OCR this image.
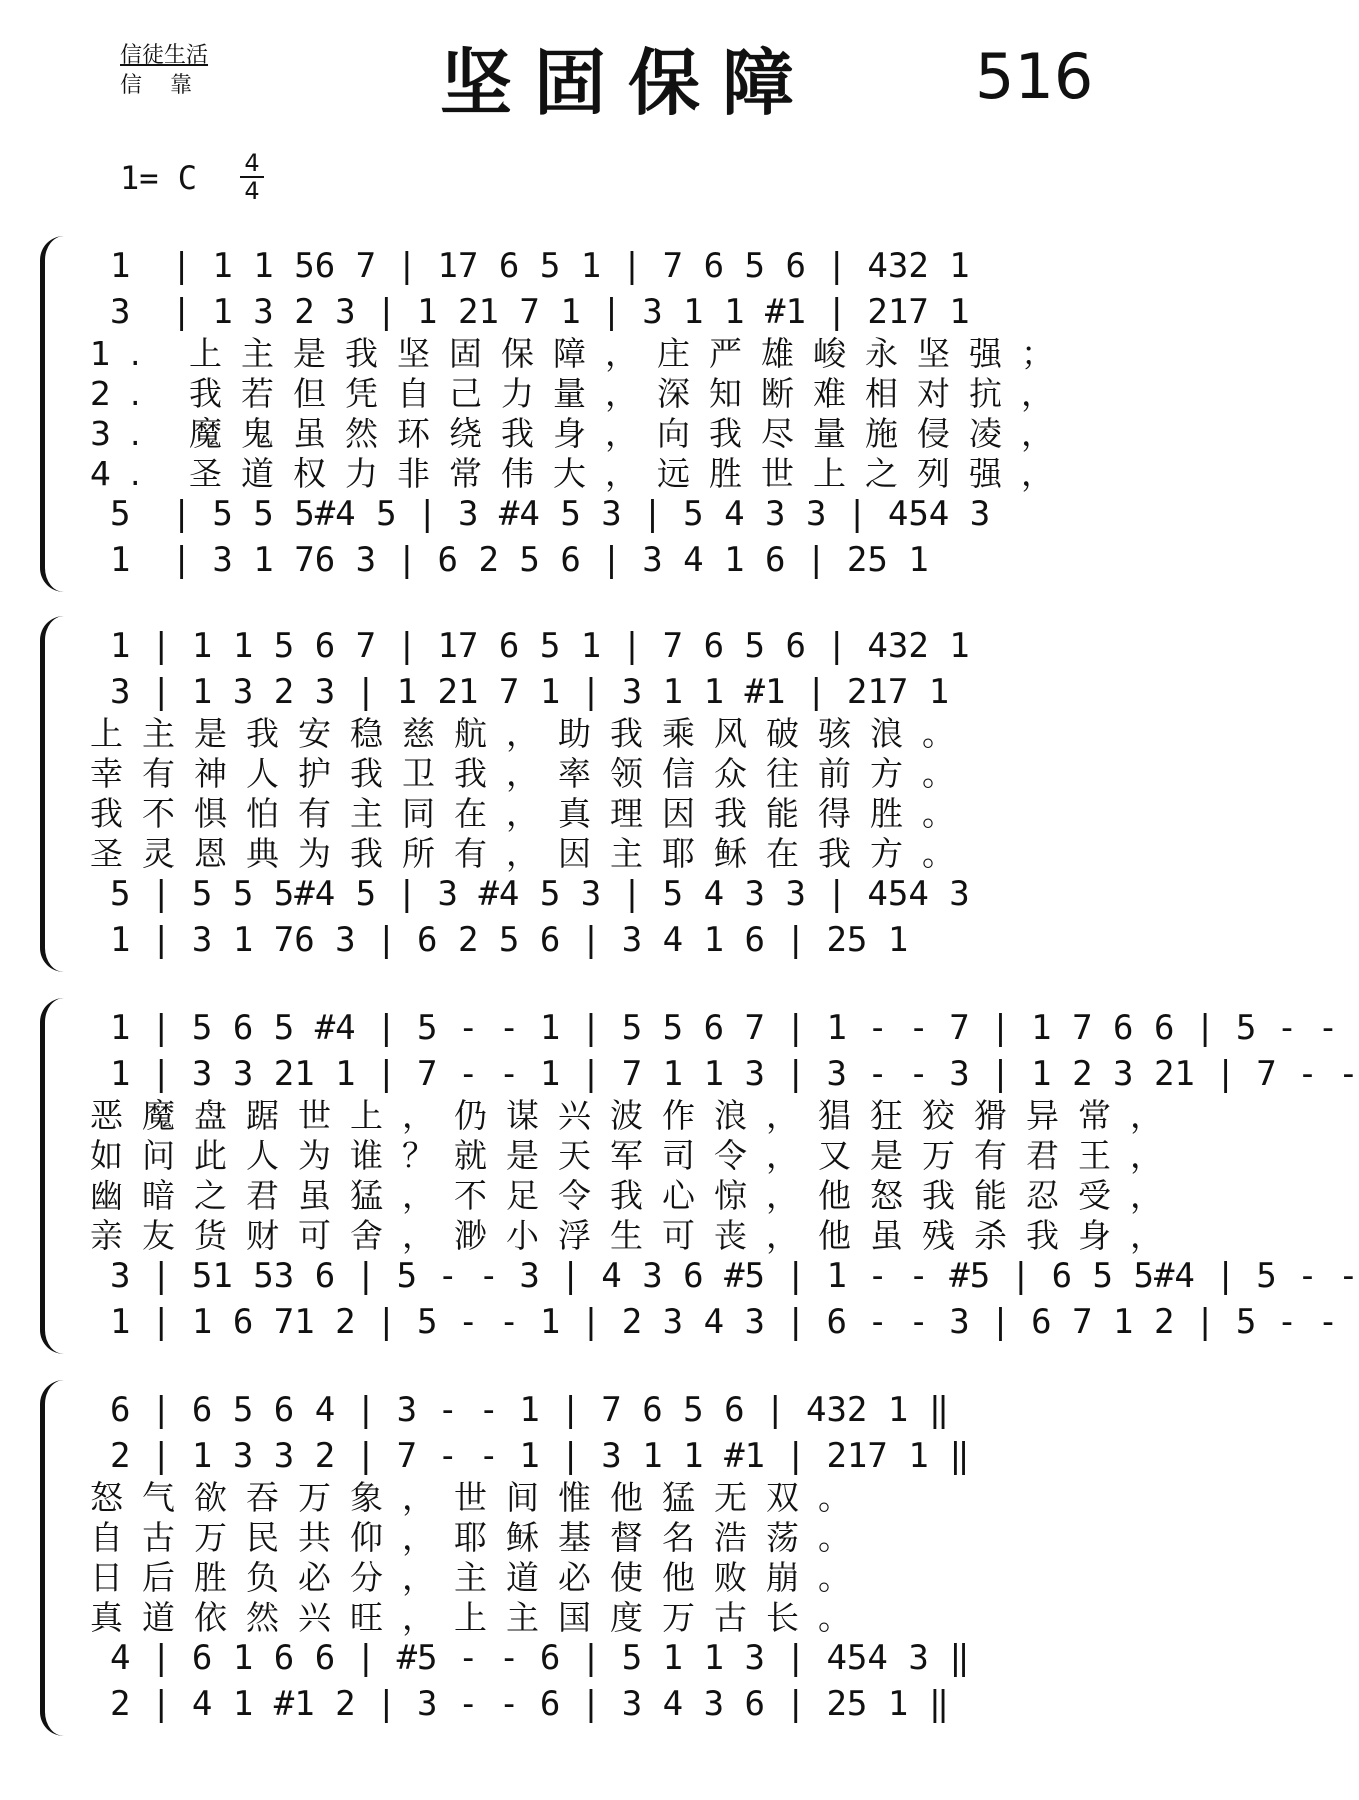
信徒生活
信    靠	坚固保障	516
1= C $\frac{4}{4}$
1  | 1 1 56 7 | 17 6 5 1 | 7 6 5 6 | 432 1
3  | 1 3 2 3 | 1 21 7 1 | 3 1 1 #1 | 217 1
1. 上主是我坚固保障，庄严雄峻永坚强；
2. 我若但凭自己力量，深知断难相对抗，
3. 魔鬼虽然环绕我身，向我尽量施侵凌，
4. 圣道权力非常伟大，远胜世上之列强，
5  | 5 5 5#4 5 | 3 #4 5 3 | 5 4 3 3 | 454 3
1  | 3 1 76 3 | 6 2 5 6 | 3 4 1 6 | 25 1
1 | 1 1 5 6 7 | 17 6 5 1 | 7 6 5 6 | 432 1
3 | 1 3 2 3 | 1 21 7 1 | 3 1 1 #1 | 217 1
上主是我安稳慈航，助我乘风破骇浪。
幸有神人护我卫我，率领信众往前方。
我不惧怕有主同在，真理因我能得胜。
圣灵恩典为我所有，因主耶稣在我方。
5 | 5 5 5#4 5 | 3 #4 5 3 | 5 4 3 3 | 454 3
1 | 3 1 76 3 | 6 2 5 6 | 3 4 1 6 | 25 1
1 | 5 6 5 #4 | 5 - - 1 | 5 5 6 7 | 1 - - 7 | 1 7 6 6 | 5 - -
1 | 3 3 21 1 | 7 - - 1 | 7 1 1 3 | 3 - - 3 | 1 2 3 21 | 7 - -
恶魔盘踞世上，仍谋兴波作浪，猖狂狡猾异常，
如问此人为谁？就是天军司令，又是万有君王，
幽暗之君虽猛，不足令我心惊，他怒我能忍受，
亲友货财可舍，渺小浮生可丧，他虽残杀我身，
3 | 51 53 6 | 5 - - 3 | 4 3 6 #5 | 1 - - #5 | 6 5 5#4 | 5 - -
1 | 1 6 71 2 | 5 - - 1 | 2 3 4 3 | 6 - - 3 | 6 7 1 2 | 5 - -
6 | 6 5 6 4 | 3 - - 1 | 7 6 5 6 | 432 1 ‖
2 | 1 3 3 2 | 7 - - 1 | 3 1 1 #1 | 217 1 ‖
怒气欲吞万象，世间惟他猛无双。
自古万民共仰，耶稣基督名浩荡。
日后胜负必分，主道必使他败崩。
真道依然兴旺，上主国度万古长。
4 | 6 1 6 6 | #5 - - 6 | 5 1 1 3 | 454 3 ‖
2 | 4 1 #1 2 | 3 - - 6 | 3 4 3 6 | 25 1 ‖
